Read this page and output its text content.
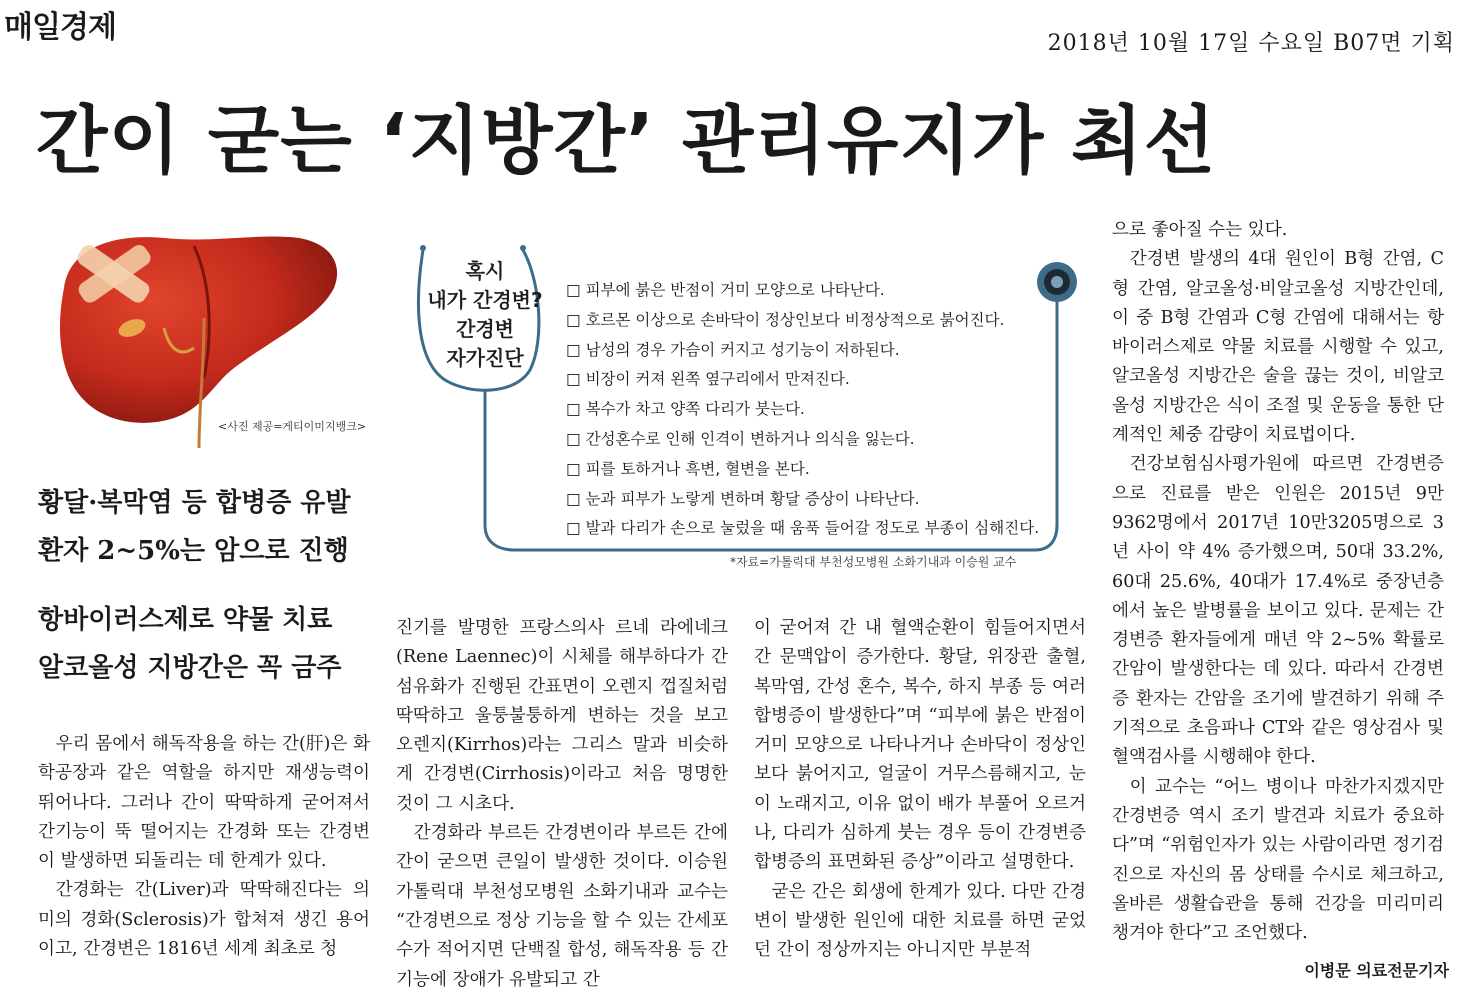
매일경제	2018년 10월 17일 수요일 B07면 기획
간이 굳는 ‘지방간’ 관리유지가 최선
<사진 제공=게티이미지뱅크>
황달·복막염 등 합병증 유발
환자 2~5%는 암으로 진행
항바이러스제로 약물 치료
알코올성 지방간은 꼭 금주
혹시
내가 간경변?
간경변
자가진단
□ 피부에 붉은 반점이 거미 모양으로 나타난다.
□ 호르몬 이상으로 손바닥이 정상인보다 비정상적으로 붉어진다.
□ 남성의 경우 가슴이 커지고 성기능이 저하된다.
□ 비장이 커져 왼쪽 옆구리에서 만져진다.
□ 복수가 차고 양쪽 다리가 붓는다.
□ 간성혼수로 인해 인격이 변하거나 의식을 잃는다.
□ 피를 토하거나 흑변, 혈변을 본다.
□ 눈과 피부가 노랗게 변하며 황달 증상이 나타난다.
□ 발과 다리가 손으로 눌렀을 때 움푹 들어갈 정도로 부종이 심해진다.
*자료=가톨릭대 부천성모병원 소화기내과 이승원 교수

우리 몸에서 해독작용을 하는 간(肝)은 화학공장과 같은 역할을 하지만 재생능력이 뛰어나다. 그러나 간이 딱딱하게 굳어져서 간기능이 뚝 떨어지는 간경화 또는 간경변이 발생하면 되돌리는 데 한계가 있다.

간경화는 간(Liver)과 딱딱해진다는 의미의 경화(Sclerosis)가 합쳐져 생긴 용어이고, 간경변은 1816년 세계 최초로 청

진기를 발명한 프랑스의사 르네 라에네크(Rene Laennec)이 시체를 해부하다가 간섬유화가 진행된 간표면이 오렌지 껍질처럼 딱딱하고 울퉁불퉁하게 변하는 것을 보고 오렌지(Kirrhos)라는 그리스 말과 비슷하게 간경변(Cirrhosis)이라고 처음 명명한 것이 그 시초다.

간경화라 부르든 간경변이라 부르든 간에 간이 굳으면 큰일이 발생한 것이다. 이승원 가톨릭대 부천성모병원 소화기내과 교수는 “간경변으로 정상 기능을 할 수 있는 간세포 수가 적어지면 단백질 합성, 해독작용 등 간기능에 장애가 유발되고 간

이 굳어져 간 내 혈액순환이 힘들어지면서 간 문맥압이 증가한다. 황달, 위장관 출혈, 복막염, 간성 혼수, 복수, 하지 부종 등 여러 합병증이 발생한다”며 “피부에 붉은 반점이 거미 모양으로 나타나거나 손바닥이 정상인보다 붉어지고, 얼굴이 거무스름해지고, 눈이 노래지고, 이유 없이 배가 부풀어 오르거나, 다리가 심하게 붓는 경우 등이 간경변증 합병증의 표면화된 증상”이라고 설명한다.

굳은 간은 회생에 한계가 있다. 다만 간경변이 발생한 원인에 대한 치료를 하면 굳었던 간이 정상까지는 아니지만 부분적

으로 좋아질 수는 있다.

간경변 발생의 4대 원인이 B형 간염, C형 간염, 알코올성·비알코올성 지방간인데, 이 중 B형 간염과 C형 간염에 대해서는 항바이러스제로 약물 치료를 시행할 수 있고, 알코올성 지방간은 술을 끊는 것이, 비알코올성 지방간은 식이 조절 및 운동을 통한 단계적인 체중 감량이 치료법이다.

건강보험심사평가원에 따르면 간경변증으로 진료를 받은 인원은 2015년 9만9362명에서 2017년 10만3205명으로 3년 사이 약 4% 증가했으며, 50대 33.2%, 60대 25.6%, 40대가 17.4%로 중장년층에서 높은 발병률을 보이고 있다. 문제는 간경변증 환자들에게 매년 약 2~5% 확률로 간암이 발생한다는 데 있다. 따라서 간경변증 환자는 간암을 조기에 발견하기 위해 주기적으로 초음파나 CT와 같은 영상검사 및 혈액검사를 시행해야 한다.

이 교수는 “어느 병이나 마찬가지겠지만 간경변증 역시 조기 발견과 치료가 중요하다”며 “위험인자가 있는 사람이라면 정기검진으로 자신의 몸 상태를 수시로 체크하고, 올바른 생활습관을 통해 건강을 미리미리 챙겨야 한다”고 조언했다.

이병문 의료전문기자
